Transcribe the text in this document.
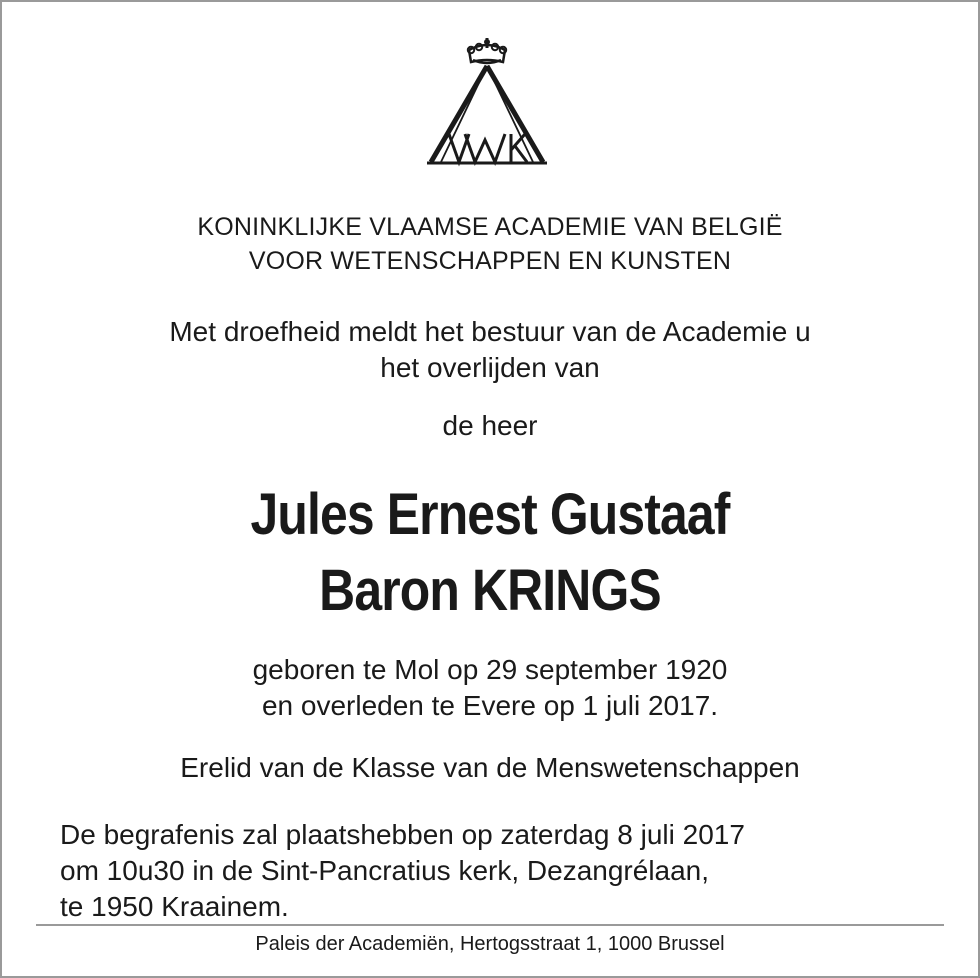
KONINKLIJKE VLAAMSE ACADEMIE VAN BELGIË
VOOR WETENSCHAPPEN EN KUNSTEN
Met droefheid meldt het bestuur van de Academie u
het overlijden van
de heer
Jules Ernest Gustaaf
Baron KRINGS
geboren te Mol op 29 september 1920
en overleden te Evere op 1 juli 2017.
Erelid van de Klasse van de Menswetenschappen
De begrafenis zal plaatshebben op zaterdag 8 juli 2017
om 10u30 in de Sint-Pancratius kerk, Dezangrélaan,
te 1950 Kraainem.
Paleis der Academiën, Hertogsstraat 1, 1000 Brussel
